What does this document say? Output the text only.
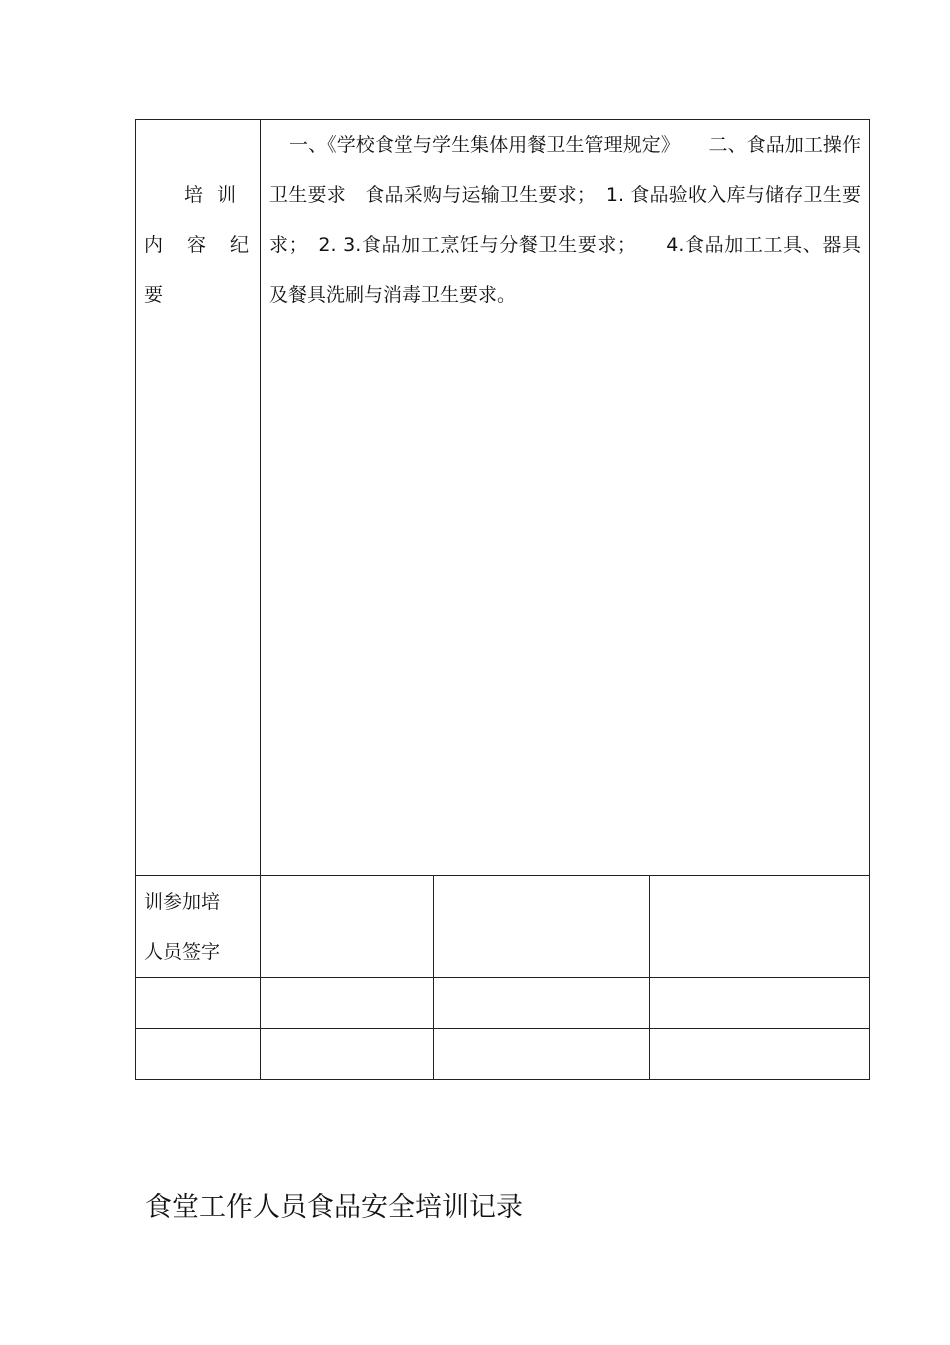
培训
内容纪
要	一、《学校食堂与学生集体用餐卫生管理规定》　　二、食品加工操作卫生要求　食品采购与运输卫生要求；　1. 食品验收入库与储存卫生要求；　2. 3.食品加工烹饪与分餐卫生要求；　　4.食品加工工具、器具及餐具洗刷与消毒卫生要求。		

训参加培
人员签字			

食堂工作人员食品安全培训记录
